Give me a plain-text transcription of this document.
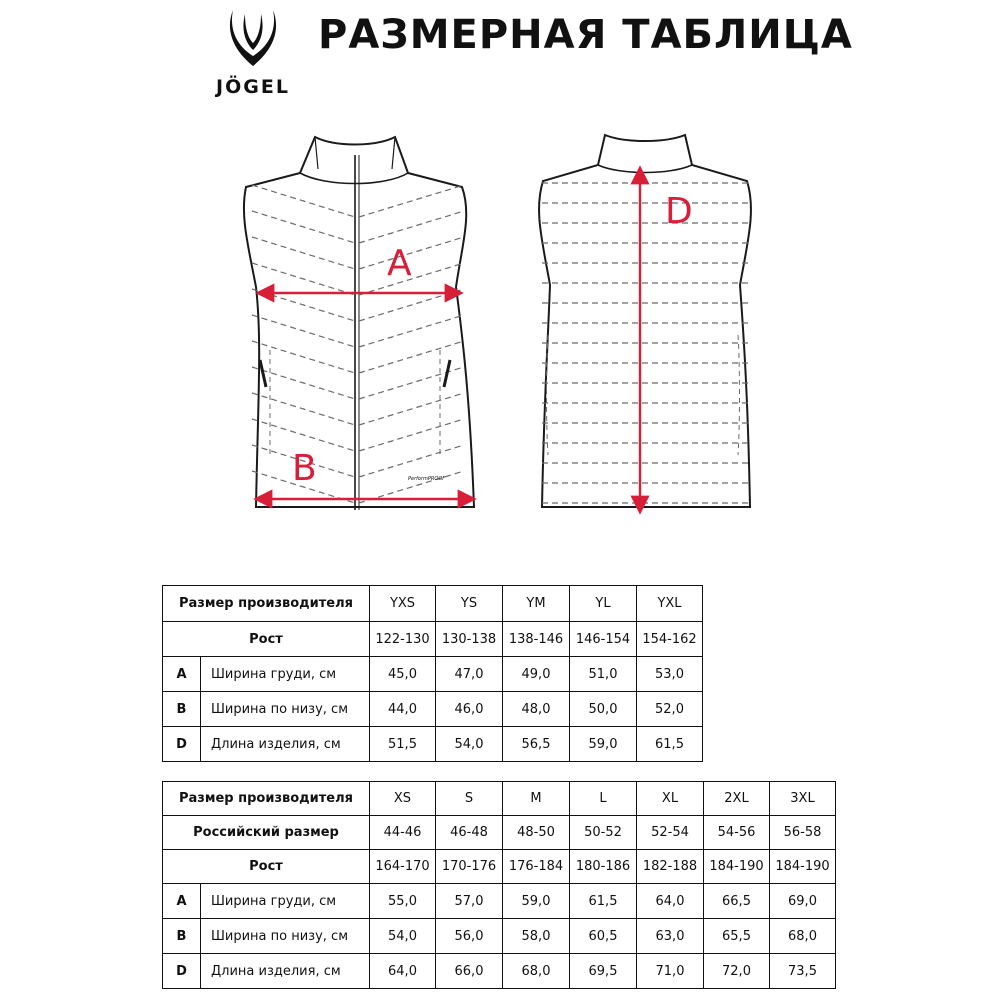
JÖGEL
РАЗМЕРНАЯ ТАБЛИЦА
PerformPROOF
A
B
D
Размер производителя		YXS	YS	YM	YL	YXL
Рост		122-130	130-138	138-146	146-154	154-162
A	Ширина груди, см	45,0	47,0	49,0	51,0	53,0
B	Ширина по низу, см	44,0	46,0	48,0	50,0	52,0
D	Длина изделия, см	51,5	54,0	56,5	59,0	61,5
Размер производителя		XS	S	M	L	XL	2XL	3XL
Российский размер		44-46	46-48	48-50	50-52	52-54	54-56	56-58
Рост		164-170	170-176	176-184	180-186	182-188	184-190	184-190
A	Ширина груди, см	55,0	57,0	59,0	61,5	64,0	66,5	69,0
B	Ширина по низу, см	54,0	56,0	58,0	60,5	63,0	65,5	68,0
D	Длина изделия, см	64,0	66,0	68,0	69,5	71,0	72,0	73,5
